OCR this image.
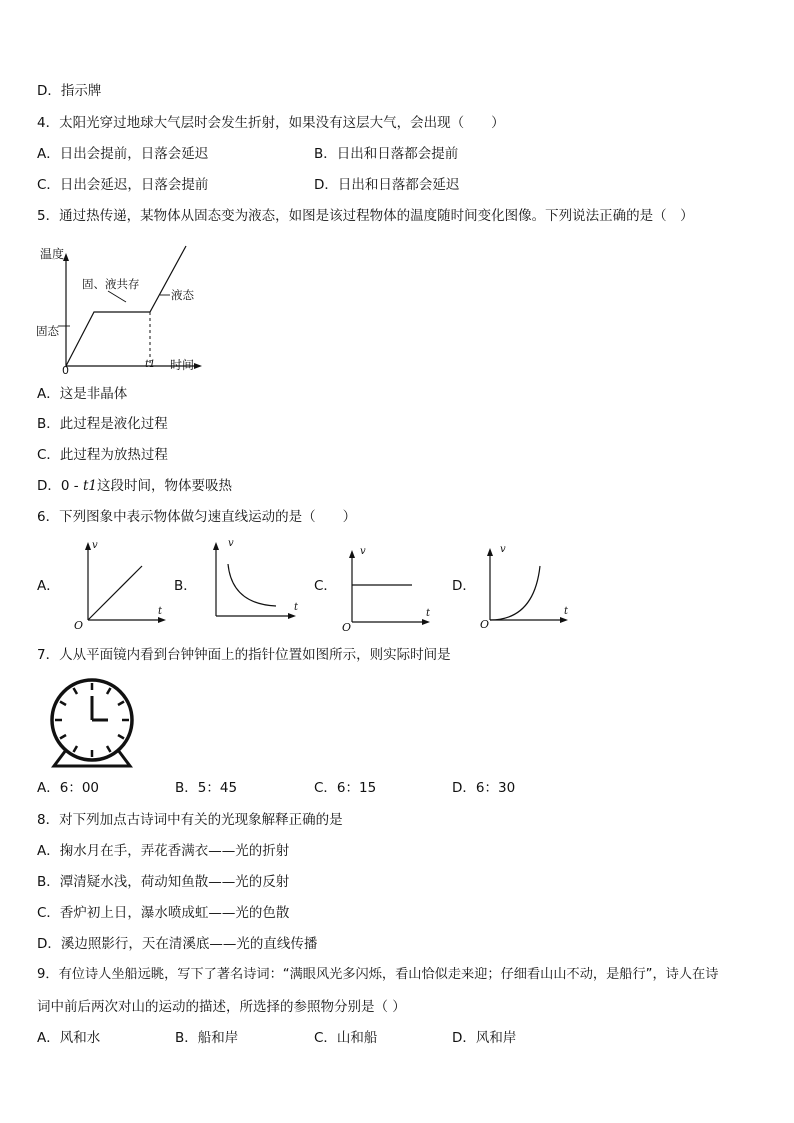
D．指示牌
4．太阳光穿过地球大气层时会发生折射，如果没有这层大气，会出现（　　）
A．日出会提前，日落会延迟	B．日出和日落都会提前
C．日出会延迟，日落会提前	D．日出和日落都会延迟
5．通过热传递，某物体从固态变为液态，如图是该过程物体的温度随时间变化图像。下列说法正确的是（　）
温度
固、液共存
液态
固态
0	t1 时间
A．这是非晶体
B．此过程是液化过程
C．此过程为放热过程
D．0 - t1这段时间，物体要吸热
6．下列图象中表示物体做匀速直线运动的是（　　）
A．
v
t
O
B．
v
t
C．
v
t
O
D．
v
t
O
7．人从平面镜内看到台钟钟面上的指针位置如图所示，则实际时间是
A．6：00	B．5：45	C．6：15	D．6：30
8．对下列加点古诗词中有关的光现象解释正确的是
A．掬水月在手，弄花香满衣——光的折射
B．潭清疑水浅，荷动知鱼散——光的反射
C．香炉初上日，瀑水喷成虹——光的色散
D．溪边照影行，天在清溪底——光的直线传播
9．有位诗人坐船远眺，写下了著名诗词：“满眼风光多闪烁，看山恰似走来迎；仔细看山山不动，是船行”，诗人在诗
词中前后两次对山的运动的描述，所选择的参照物分别是（ ）
A．风和水	B．船和岸	C．山和船	D．风和岸
